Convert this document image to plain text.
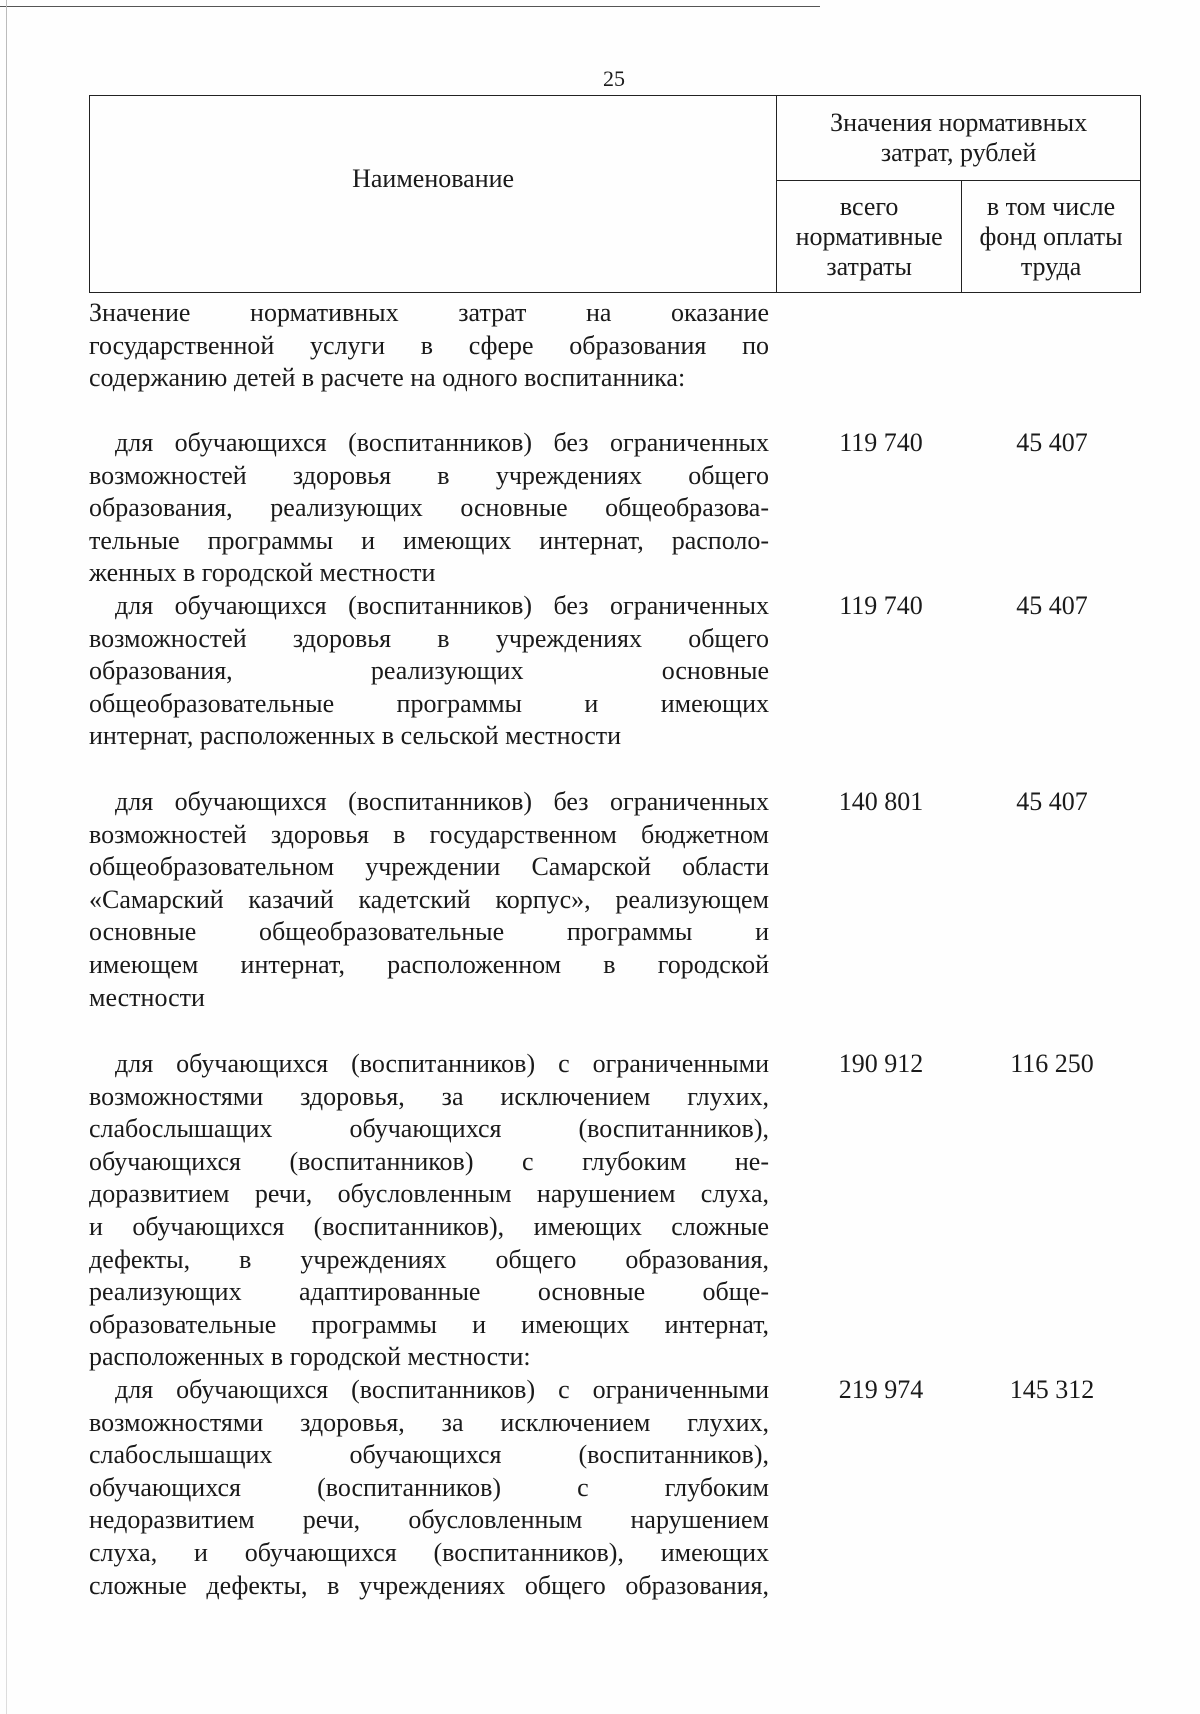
25
Наименование	Значения нормативных затрат, рублей	

	всего нормативные затраты	в том числе фонд оплаты труда
Значение нормативных затрат на оказание
государственной услуги в сфере образования по
содержанию детей в расчете на одного воспитанника:
для обучающихся (воспитанников) без ограниченных
возможностей здоровья в учреждениях общего
образования, реализующих основные общеобразова-
тельные программы и имеющих интернат, располо-
женных в городской местности
119 740	45 407
для обучающихся (воспитанников) без ограниченных
возможностей здоровья в учреждениях общего
образования, реализующих основные
общеобразовательные программы и имеющих
интернат, расположенных в сельской местности
119 740	45 407
для обучающихся (воспитанников) без ограниченных
возможностей здоровья в государственном бюджетном
общеобразовательном учреждении Самарской области
«Самарский казачий кадетский корпус», реализующем
основные общеобразовательные программы и
имеющем интернат, расположенном в городской
местности
140 801	45 407
для обучающихся (воспитанников) с ограниченными
возможностями здоровья, за исключением глухих,
слабослышащих обучающихся (воспитанников),
обучающихся (воспитанников) с глубоким не-
доразвитием речи, обусловленным нарушением слуха,
и обучающихся (воспитанников), имеющих сложные
дефекты, в учреждениях общего образования,
реализующих адаптированные основные обще-
образовательные программы и имеющих интернат,
расположенных в городской местности:
190 912	116 250
для обучающихся (воспитанников) с ограниченными
возможностями здоровья, за исключением глухих,
слабослышащих обучающихся (воспитанников),
обучающихся (воспитанников) с глубоким
недоразвитием речи, обусловленным нарушением
слуха, и обучающихся (воспитанников), имеющих
сложные дефекты, в учреждениях общего образования,
219 974	145 312
